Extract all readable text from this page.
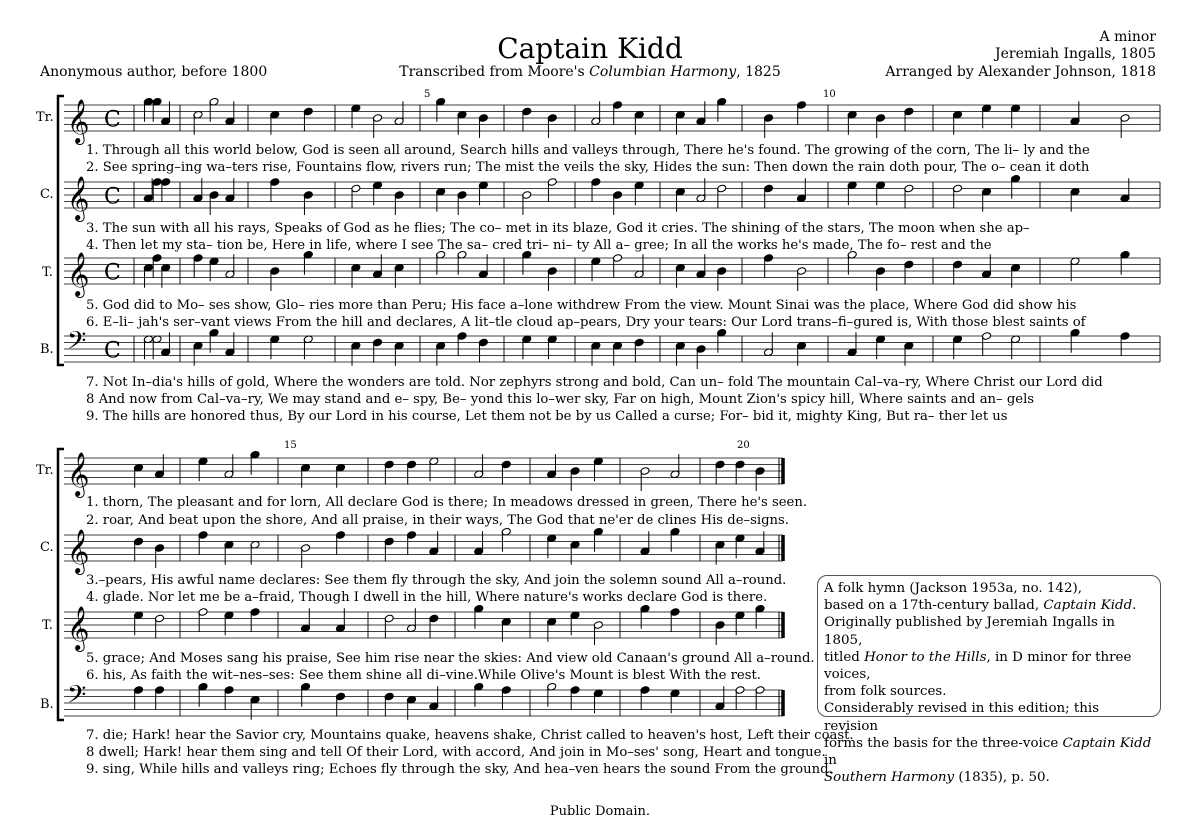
Captain Kidd	A minor
Jeremiah Ingalls, 1805
Arranged by Alexander Johnson, 1818
Anonymous author, before 1800	Transcribed from Moore's Columbian Harmony, 1825
𝄞 C
𝄞 C
𝄞 C
𝄢 C
𝄞
𝄞
𝄞
𝄢
Tr.
C.
T.
B.
Tr.
C.
T.
B.
5	10
15	20
1. Through all this world below, God is seen all around, Search hills and valleys through, There he's found. The growing of the corn, The li– ly and the
2. See spring–ing wa–ters rise, Fountains flow, rivers run; The mist the veils the sky, Hides the sun: Then down the rain doth pour, The o– cean it doth
3. The sun with all his rays, Speaks of God as he flies; The co– met in its blaze, God it cries. The shining of the stars, The moon when she ap–
4. Then let my sta– tion be, Here in life, where I see The sa– cred tri– ni– ty All a– gree; In all the works he's made, The fo– rest and the
5. God did to Mo– ses show, Glo– ries more than Peru; His face a–lone withdrew From the view. Mount Sinai was the place, Where God did show his
6. E–li– jah's ser–vant views From the hill and declares, A lit–tle cloud ap–pears, Dry your tears: Our Lord trans–fi–gured is, With those blest saints of
7. Not In–dia's hills of gold, Where the wonders are told. Nor zephyrs strong and bold, Can un– fold The mountain Cal–va–ry, Where Christ our Lord did
8 And now from Cal–va–ry, We may stand and e– spy, Be– yond this lo–wer sky, Far on high, Mount Zion's spicy hill, Where saints and an– gels
9. The hills are honored thus, By our Lord in his course, Let them not be by us Called a curse; For– bid it, mighty King, But ra– ther let us
1. thorn, The pleasant and for lorn, All declare God is there; In meadows dressed in green, There he's seen.
2. roar, And beat upon the shore, And all praise, in their ways, The God that ne'er de clines His de–signs.
3.–pears, His awful name declares: See them fly through the sky, And join the solemn sound All a–round.
4. glade. Nor let me be a–fraid, Though I dwell in the hill, Where nature's works declare God is there.
5. grace; And Moses sang his praise, See him rise near the skies: And view old Canaan's ground All a–round.
6. his, As faith the wit–nes–ses: See them shine all di–vine.While Olive's Mount is blest With the rest.
7. die; Hark! hear the Savior cry, Mountains quake, heavens shake, Christ called to heaven's host, Left their coast.
8 dwell; Hark! hear them sing and tell Of their Lord, with accord, And join in Mo–ses' song, Heart and tongue.
9. sing, While hills and valleys ring; Echoes fly through the sky, And hea–ven hears the sound From the ground.
A folk hymn (Jackson 1953a, no. 142),
based on a 17th-century ballad, Captain Kidd.
Originally published by Jeremiah Ingalls in 1805,
titled Honor to the Hills, in D minor for three voices,
from folk sources.
Considerably revised in this edition; this revision
forms the basis for the three-voice Captain Kidd in
Southern Harmony (1835), p. 50.
Public Domain.
